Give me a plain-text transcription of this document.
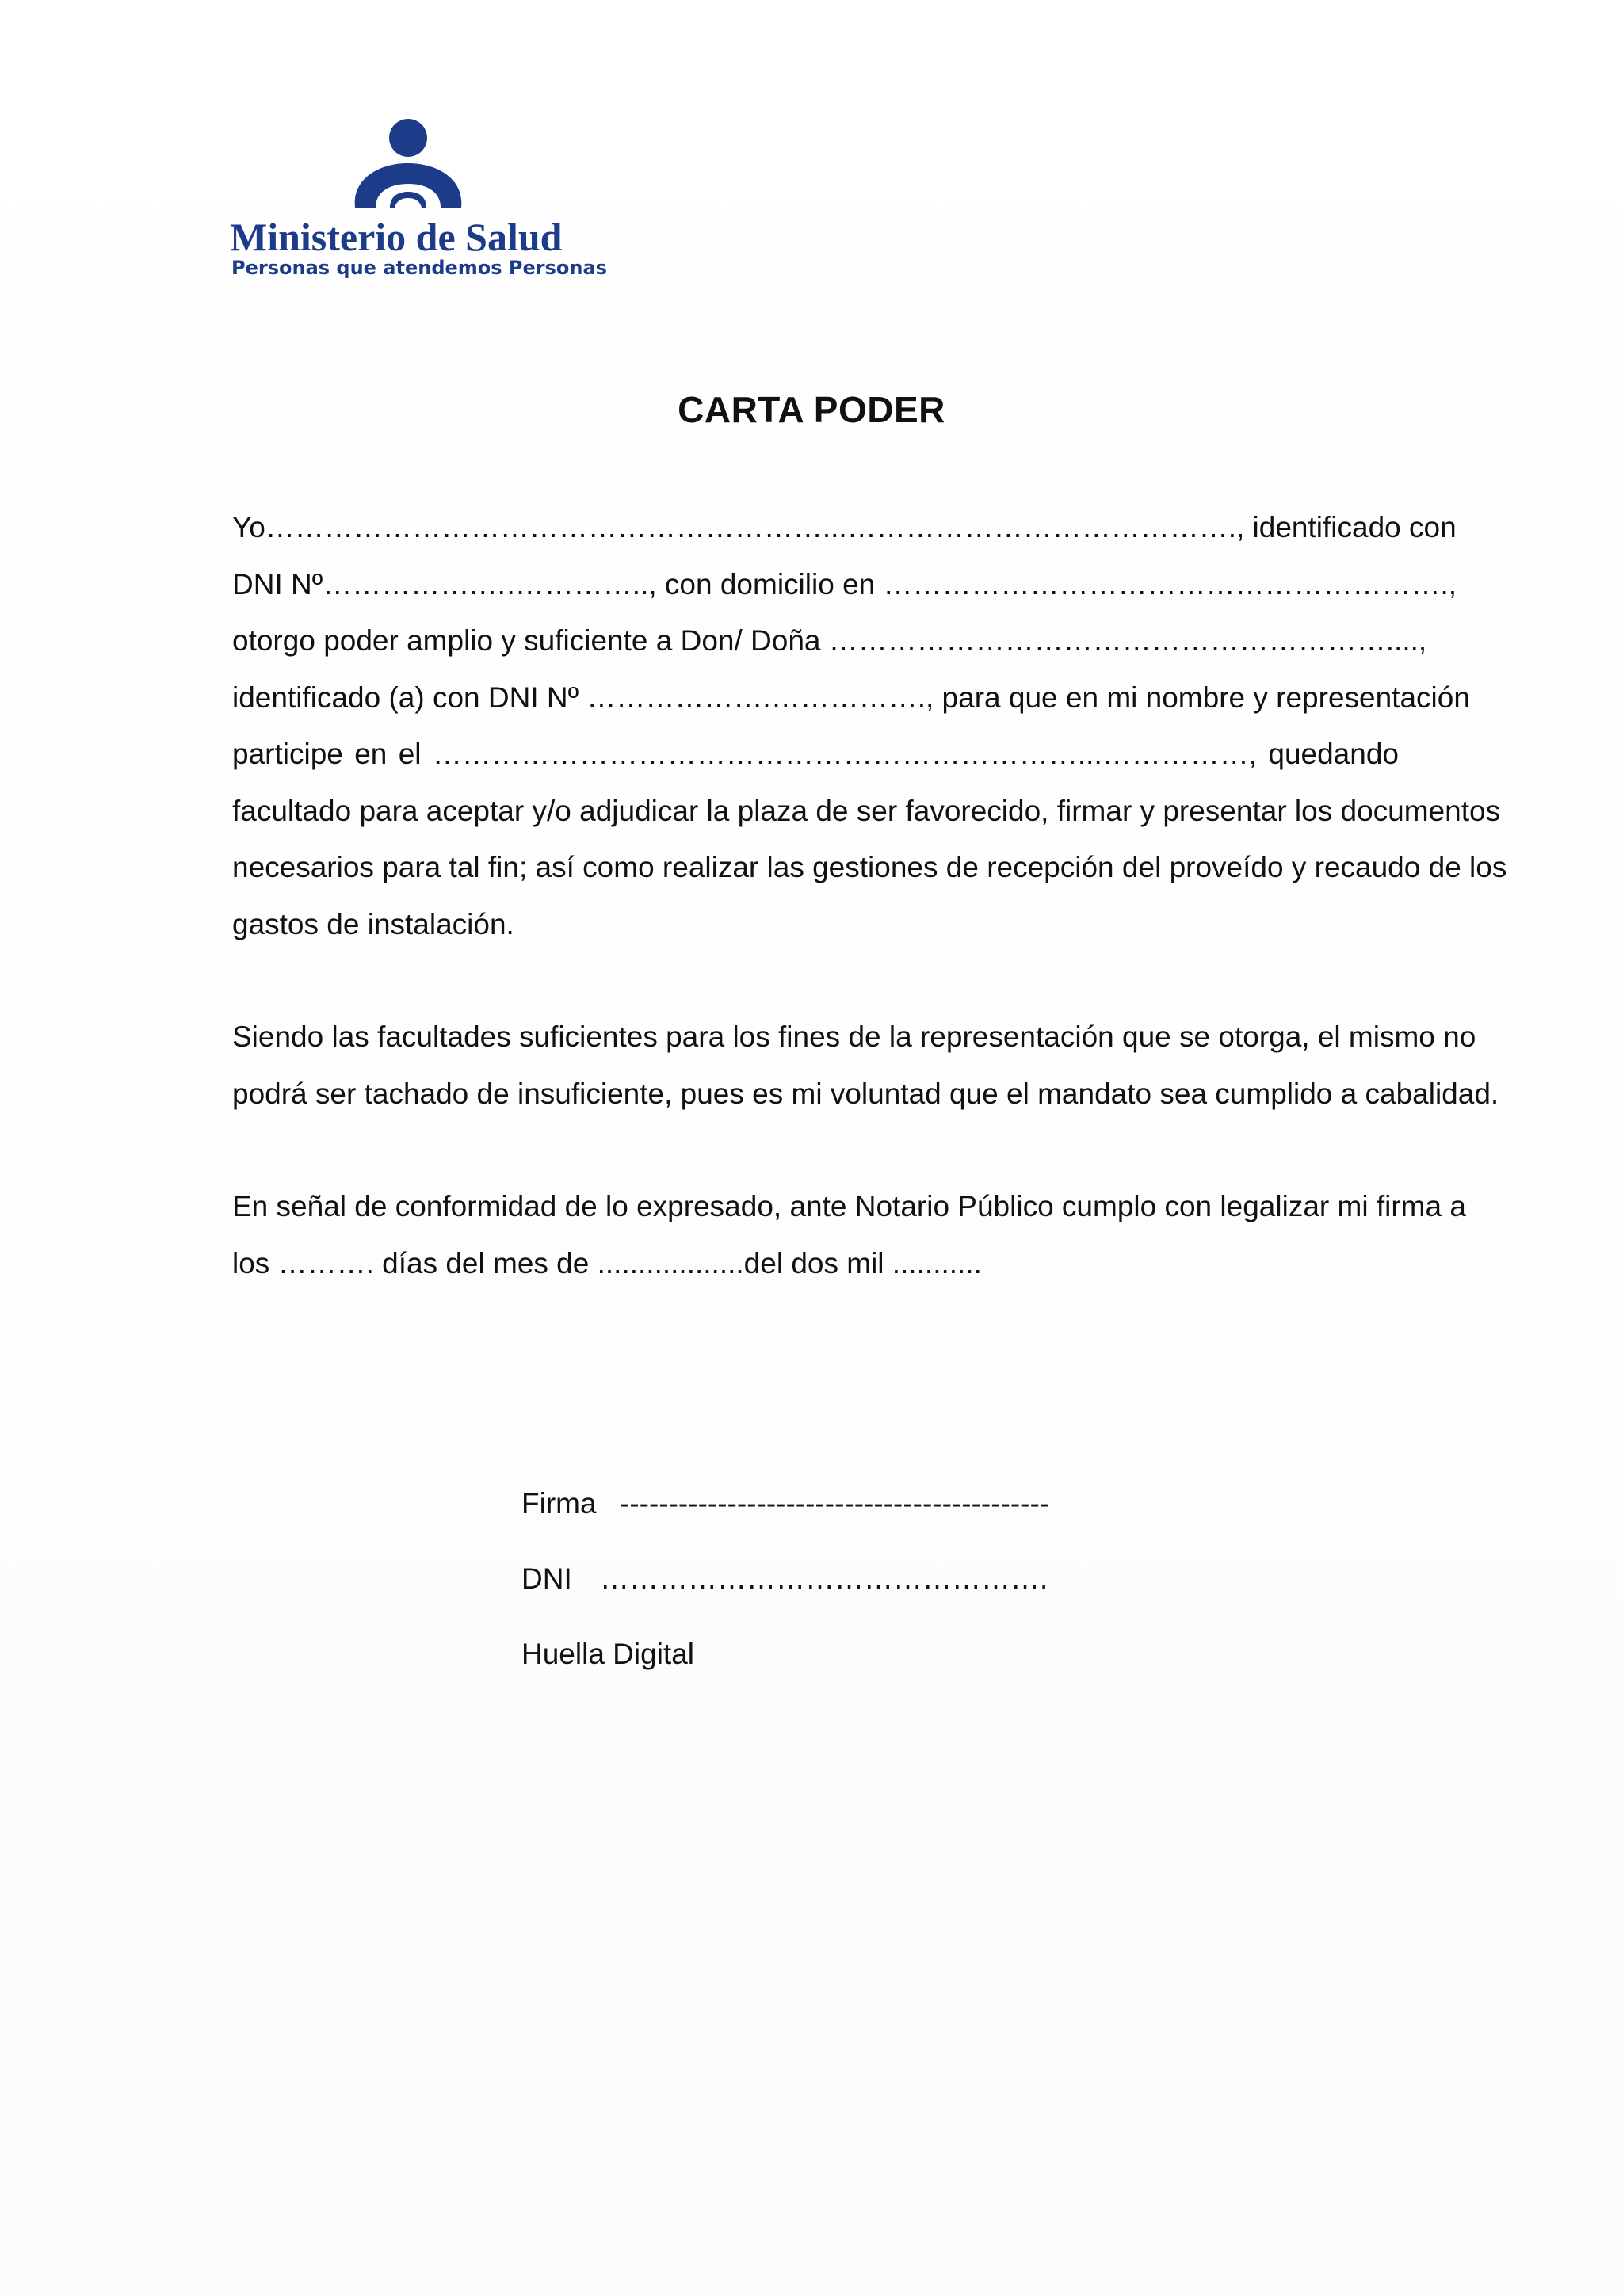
Ministerio de Salud
Personas que atendemos Personas
CARTA PODER
Yo…………………………………………………...…………………………………., identificado con
DNI Nº…………….….………….., con domicilio en ………………………………………………….,
otorgo poder amplio y suficiente a Don/ Doña …………………………………………………....,
identificado (a) con DNI Nº ……………….……………., para que en mi nombre y representación
participe en el …………………………………………………………...……………, quedando
facultado para aceptar y/o adjudicar la plaza de ser favorecido, firmar y presentar los documentos
necesarios para tal fin; así como realizar las gestiones de recepción del proveído y recaudo de los
gastos de instalación.
Siendo las facultades suficientes para los fines de la representación que se otorga, el mismo no
podrá ser tachado de insuficiente, pues es mi voluntad que el mandato sea cumplido a cabalidad.
En señal de conformidad de lo expresado, ante Notario Público cumplo con legalizar mi firma a
los ………. días del mes de ..................del dos mil ...........
Firma --------------------------------------------
DNI ……………………………………….
Huella Digital
